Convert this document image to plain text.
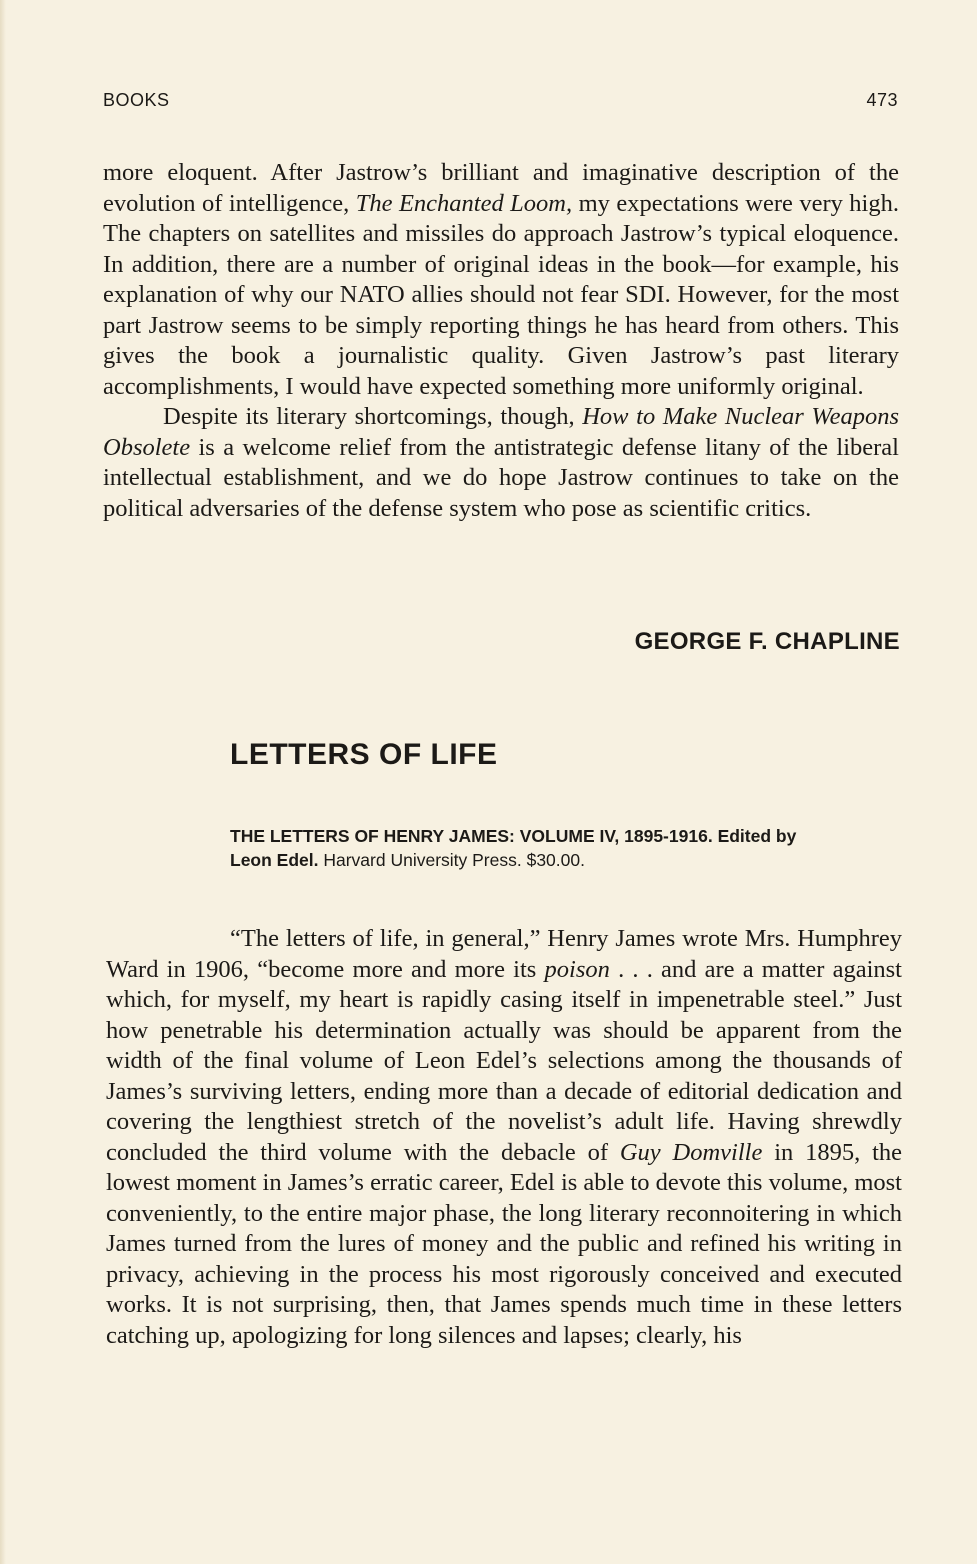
BOOKS	473

more eloquent. After Jastrow’s brilliant and imaginative description of the evolution of intelligence, The Enchanted Loom, my expectations were very high. The chapters on satellites and missiles do approach Jastrow’s typical eloquence. In addition, there are a number of original ideas in the book—for example, his explanation of why our NATO allies should not fear SDI. However, for the most part Jastrow seems to be simply reporting things he has heard from others. This gives the book a journalistic quality. Given Jastrow’s past literary accomplishments, I would have expected something more uniformly original.

Despite its literary shortcomings, though, How to Make Nuclear Weapons Obsolete is a welcome relief from the antistrategic defense litany of the liberal intellectual establishment, and we do hope Jastrow continues to take on the political adversaries of the defense system who pose as scientific critics.

GEORGE F. CHAPLINE
LETTERS OF LIFE
THE LETTERS OF HENRY JAMES: VOLUME IV, 1895-1916. Edited by
Leon Edel. Harvard University Press. $30.00.

“The letters of life, in general,” Henry James wrote Mrs. Humphrey Ward in 1906, “become more and more its poison . . . and are a matter against which, for myself, my heart is rapidly casing itself in impenetrable steel.” Just how penetrable his determination actually was should be apparent from the width of the final volume of Leon Edel’s selections among the thousands of James’s surviving letters, ending more than a decade of editorial dedication and covering the lengthiest stretch of the novelist’s adult life. Having shrewdly concluded the third volume with the debacle of Guy Domville in 1895, the lowest moment in James’s erratic career, Edel is able to devote this volume, most conveniently, to the entire major phase, the long literary reconnoitering in which James turned from the lures of money and the public and refined his writing in privacy, achieving in the process his most rigorously conceived and executed works. It is not surprising, then, that James spends much time in these letters catching up, apologizing for long silences and lapses; clearly, his
